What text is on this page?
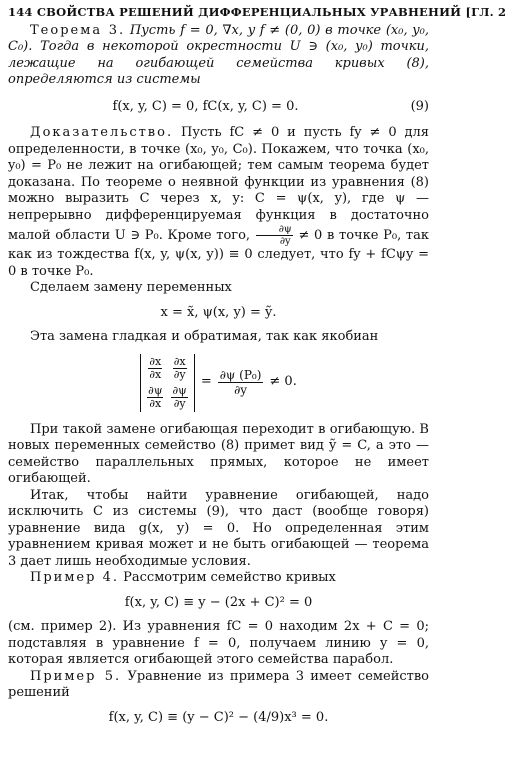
144 СВОЙСТВА РЕШЕНИЙ ДИФФЕРЕНЦИАЛЬНЫХ УРАВНЕНИЙ [ГЛ. 2

Теорема 3. Пусть f = 0, ∇x, y f ≠ (0, 0) в точке (x₀, y₀, C₀). Тогда в некоторой окрестности U ∋ (x₀, y₀) точки, лежащие на огибающей семейства кривых (8), определяются из системы

f(x, y, C) = 0, fC(x, y, C) = 0.	(9)

Доказательство. Пусть fC ≠ 0 и пусть fy ≠ 0 для определенности, в точке (x₀, y₀, C₀). Покажем, что точка (x₀, y₀) = P₀ не лежит на огибающей; тем самым теорема будет доказана. По теореме о неявной функции из уравнения (8) можно выразить C через x, y: C = ψ(x, y), где ψ — непрерывно дифференцируемая функция в достаточно малой области U ∋ P₀. Кроме того, $\frac{\partial\psi}{\partial y} \ne 0$ в точке P₀, так как из тождества f(x, y, ψ(x, y)) ≡ 0 следует, что fy + fCψy = 0 в точке P₀.

Сделаем замену переменных

x = x̃, ψ(x, y) = ỹ.

Эта замена гладкая и обратимая, так как якобиан

$\frac{\partial x}{\partial x} \frac{\partial x}{\partial y}$
$\frac{\partial\psi}{\partial x} \frac{\partial\psi}{\partial y}$
= $\frac{\text{∂ψ (P₀)}}{\partial y} \ne 0$.

При такой замене огибающая переходит в огибающую. В новых переменных семейство (8) примет вид ỹ = C, а это — семейство параллельных прямых, которое не имеет огибающей.

Итак, чтобы найти уравнение огибающей, надо исключить C из системы (9), что даст (вообще говоря) уравнение вида g(x, y) = 0. Но определенная этим уравнением кривая может и не быть огибающей — теорема 3 дает лишь необходимые условия.

Пример 4. Рассмотрим семейство кривых

f(x, y, C) ≡ y − (2x + C)² = 0

(см. пример 2). Из уравнения fC = 0 находим 2x + C = 0; подставляя в уравнение f = 0, получаем линию y = 0, которая является огибающей этого семейства парабол.

Пример 5. Уравнение из примера 3 имеет семейство решений

f(x, y, C) ≡ (y − C)² − (4/9)x³ = 0.
